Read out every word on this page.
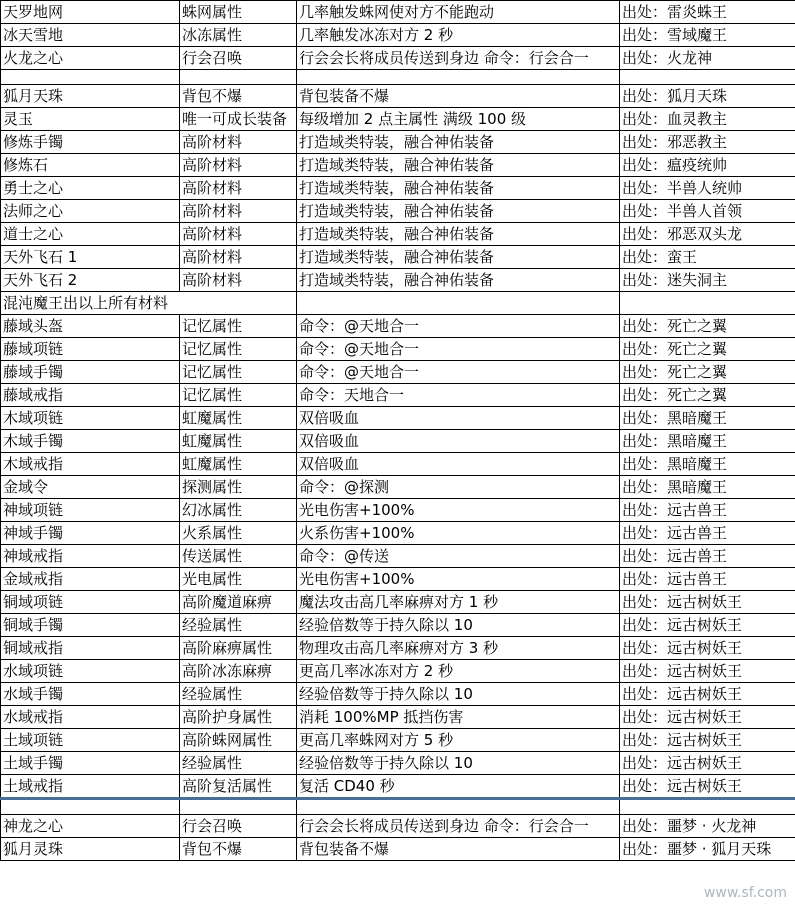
天罗地网	蛛网属性	几率触发蛛网使对方不能跑动	出处：雷炎蛛王
冰天雪地	冰冻属性	几率触发冰冻对方 2 秒	出处：雪域魔王
火龙之心	行会召唤	行会会长将成员传送到身边 命令：行会合一	出处：火龙神

狐月天珠	背包不爆	背包装备不爆	出处：狐月天珠
灵玉	唯一可成长装备	每级增加 2 点主属性 满级 100 级	出处：血灵教主
修炼手镯	高阶材料	打造域类特装，融合神佑装备	出处：邪恶教主
修炼石	高阶材料	打造域类特装，融合神佑装备	出处：瘟疫统帅
勇士之心	高阶材料	打造域类特装，融合神佑装备	出处：半兽人统帅
法师之心	高阶材料	打造域类特装，融合神佑装备	出处：半兽人首领
道士之心	高阶材料	打造域类特装，融合神佑装备	出处：邪恶双头龙
天外飞石 1	高阶材料	打造域类特装，融合神佑装备	出处：蛮王
天外飞石 2	高阶材料	打造域类特装，融合神佑装备	出处：迷失洞主
混沌魔王出以上所有材料			
藤域头盔	记忆属性	命令：@天地合一	出处：死亡之翼
藤域项链	记忆属性	命令：@天地合一	出处：死亡之翼
藤域手镯	记忆属性	命令：@天地合一	出处：死亡之翼
藤域戒指	记忆属性	命令：天地合一	出处：死亡之翼
木域项链	虹魔属性	双倍吸血	出处：黑暗魔王
木域手镯	虹魔属性	双倍吸血	出处：黑暗魔王
木域戒指	虹魔属性	双倍吸血	出处：黑暗魔王
金域令	探测属性	命令：@探测	出处：黑暗魔王
神域项链	幻冰属性	光电伤害+100%	出处：远古兽王
神域手镯	火系属性	火系伤害+100%	出处：远古兽王
神域戒指	传送属性	命令：@传送	出处：远古兽王
金域戒指	光电属性	光电伤害+100%	出处：远古兽王
铜域项链	高阶魔道麻痹	魔法攻击高几率麻痹对方 1 秒	出处：远古树妖王
铜域手镯	经验属性	经验倍数等于持久除以 10	出处：远古树妖王
铜域戒指	高阶麻痹属性	物理攻击高几率麻痹对方 3 秒	出处：远古树妖王
水域项链	高阶冰冻麻痹	更高几率冰冻对方 2 秒	出处：远古树妖王
水域手镯	经验属性	经验倍数等于持久除以 10	出处：远古树妖王
水域戒指	高阶护身属性	消耗 100%MP 抵挡伤害	出处：远古树妖王
土域项链	高阶蛛网属性	更高几率蛛网对方 5 秒	出处：远古树妖王
土域手镯	经验属性	经验倍数等于持久除以 10	出处：远古树妖王
土域戒指	高阶复活属性	复活 CD40 秒	出处：远古树妖王

神龙之心	行会召唤	行会会长将成员传送到身边 命令：行会合一	出处：噩梦 · 火龙神
狐月灵珠	背包不爆	背包装备不爆	出处：噩梦 · 狐月天珠
www.sf.com
